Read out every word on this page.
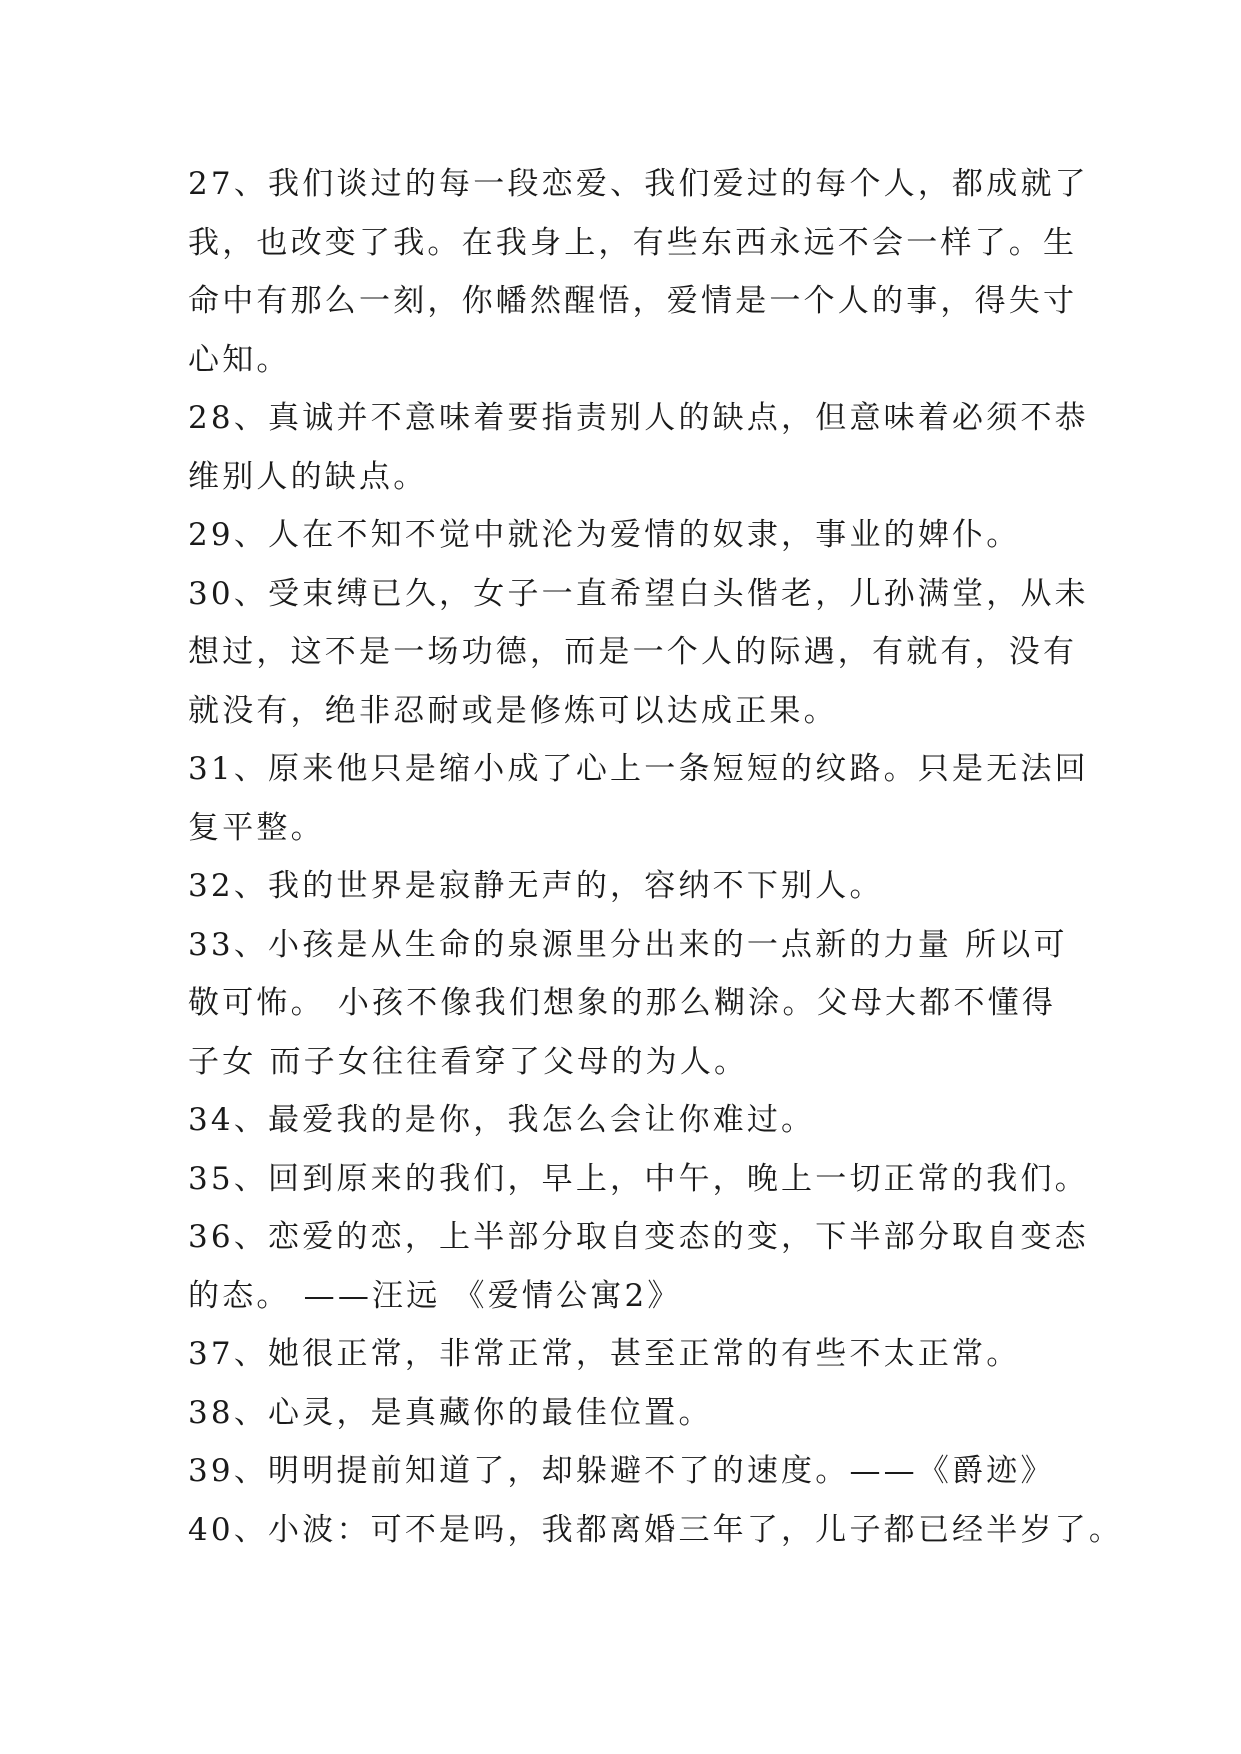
27、我们谈过的每一段恋爱、我们爱过的每个人，都成就了
我，也改变了我。在我身上，有些东西永远不会一样了。生
命中有那么一刻，你幡然醒悟，爱情是一个人的事，得失寸
心知。
28、真诚并不意味着要指责别人的缺点，但意味着必须不恭
维别人的缺点。
29、人在不知不觉中就沦为爱情的奴隶，事业的婢仆。
30、受束缚已久，女子一直希望白头偕老，儿孙满堂，从未
想过，这不是一场功德，而是一个人的际遇，有就有，没有
就没有，绝非忍耐或是修炼可以达成正果。
31、原来他只是缩小成了心上一条短短的纹路。只是无法回
复平整。
32、我的世界是寂静无声的，容纳不下别人。
33、小孩是从生命的泉源里分出来的一点新的力量 所以可
敬可怖。 小孩不像我们想象的那么糊涂。父母大都不懂得
子女 而子女往往看穿了父母的为人。
34、最爱我的是你，我怎么会让你难过。
35、回到原来的我们，早上，中午，晚上一切正常的我们。
36、恋爱的恋，上半部分取自变态的变，下半部分取自变态
的态。 ——汪远 《爱情公寓2》
37、她很正常，非常正常，甚至正常的有些不太正常。
38、心灵，是真藏你的最佳位置。
39、明明提前知道了，却躲避不了的速度。——《爵迹》
40、小波：可不是吗，我都离婚三年了，儿子都已经半岁了。
